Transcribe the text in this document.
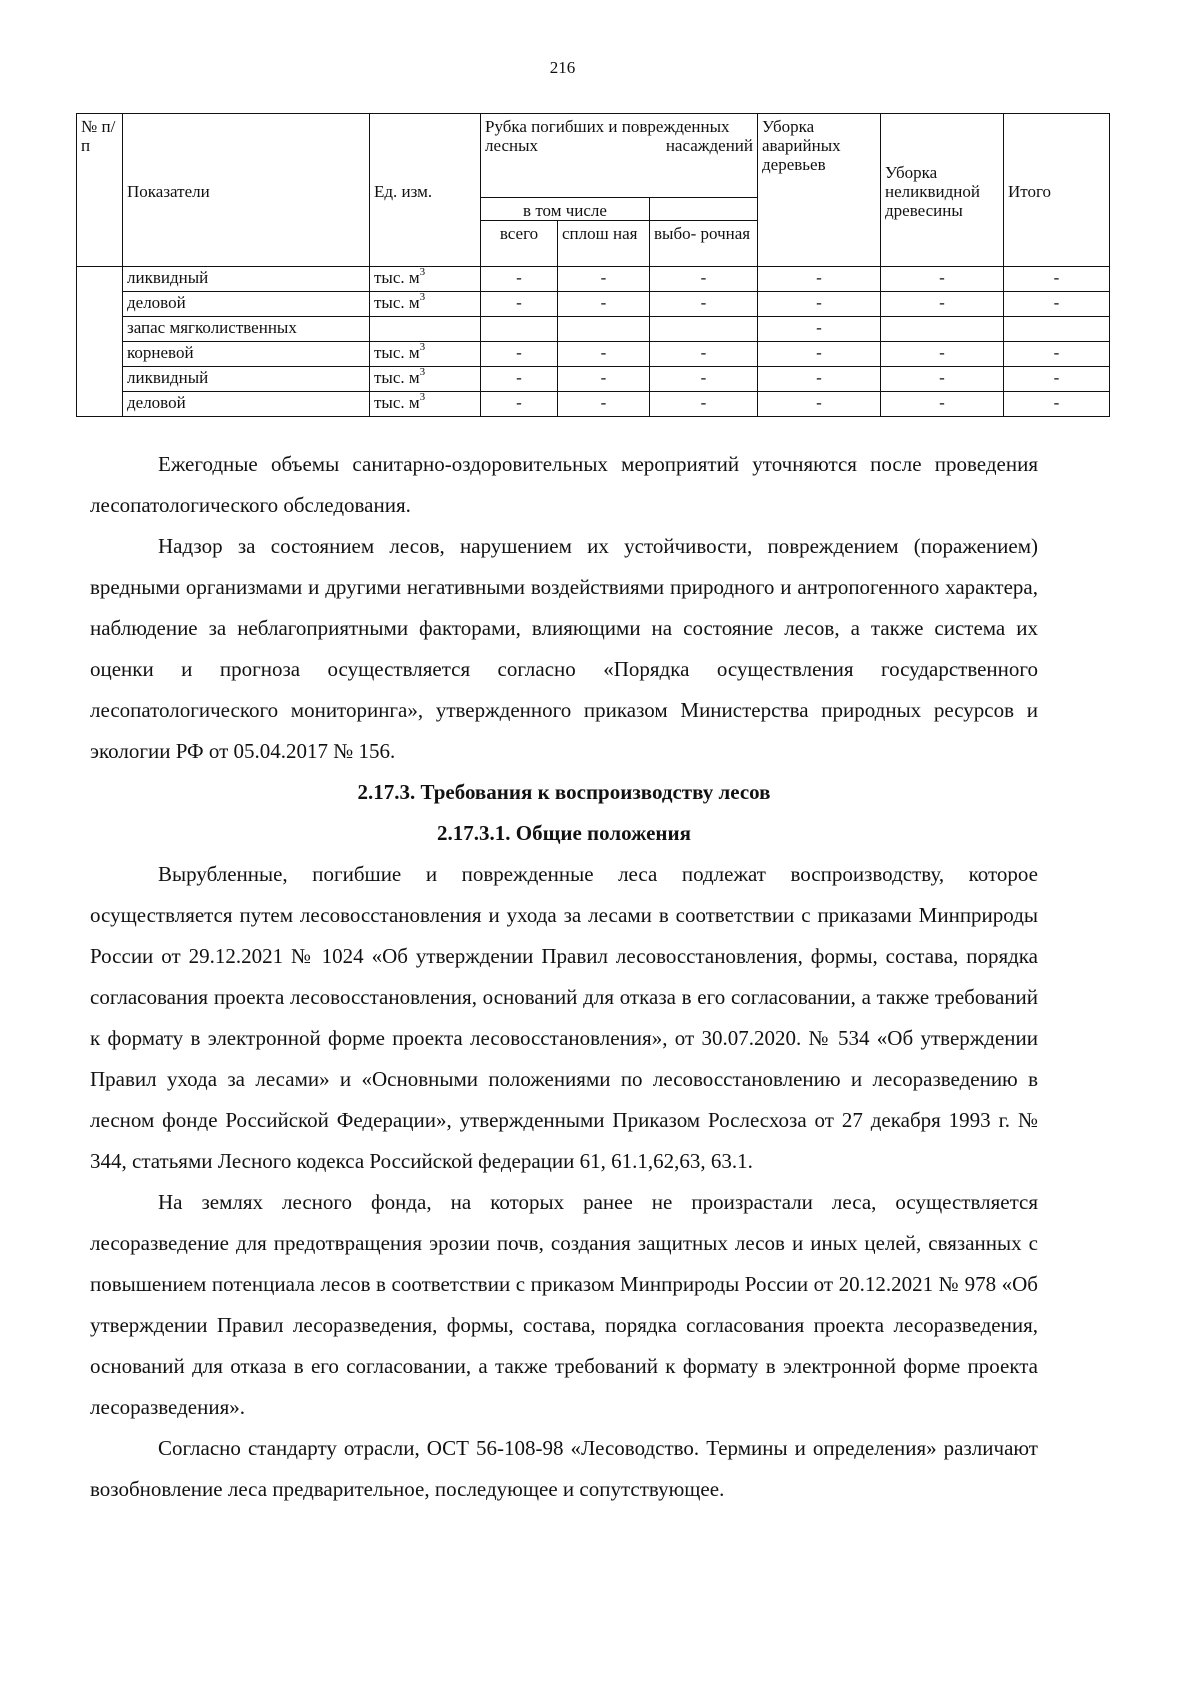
216
№ п/ п	Показатели	Ед. изм.	Рубка погибших и поврежденных лесных насаждений			Уборка аварийных деревьев	Уборка неликвидной древесины	Итого
			в том числе					
			всего	сплош ная	выбо- рочная			
	ликвидный	тыс. $м^3$	-	-	-	-	-	-
	деловой	тыс. $м^3$	-	-	-	-	-	-
	запас мягколиственных					-		
	корневой	тыс. $м^3$	-	-	-	-	-	-
	ликвидный	тыс. $м^3$	-	-	-	-	-	-
	деловой	тыс. $м^3$	-	-	-	-	-	-

Ежегодные объемы санитарно-оздоровительных мероприятий уточняются после проведения лесопатологического обследования.

Надзор за состоянием лесов, нарушением их устойчивости, повреждением (поражением) вредными организмами и другими негативными воздействиями природного и антропогенного характера, наблюдение за неблагоприятными факторами, влияющими на состояние лесов, а также система их оценки и прогноза осуществляется согласно «Порядка осуществления государственного лесопатологического мониторинга», утвержденного приказом Министерства природных ресурсов и экологии РФ от 05.04.2017 № 156.

2.17.3. Требования к воспроизводству лесов
2.17.3.1. Общие положения

Вырубленные, погибшие и поврежденные леса подлежат воспроизводству, которое осуществляется путем лесовосстановления и ухода за лесами в соответствии с приказами Минприроды России от 29.12.2021 № 1024 «Об утверждении Правил лесовосстановления, формы, состава, порядка согласования проекта лесовосстановления, оснований для отказа в его согласовании, а также требований к формату в электронной форме проекта лесовосстановления», от 30.07.2020. № 534 «Об утверждении Правил ухода за лесами» и «Основными положениями по лесовосстановлению и лесоразведению в лесном фонде Российской Федерации», утвержденными Приказом Рослесхоза от 27 декабря 1993 г. № 344, статьями Лесного кодекса Российской федерации 61, 61.1,62,63, 63.1.

На землях лесного фонда, на которых ранее не произрастали леса, осуществляется лесоразведение для предотвращения эрозии почв, создания защитных лесов и иных целей, связанных с повышением потенциала лесов в соответствии с приказом Минприроды России от 20.12.2021 № 978 «Об утверждении Правил лесоразведения, формы, состава, порядка согласования проекта лесоразведения, оснований для отказа в его согласовании, а также требований к формату в электронной форме проекта лесоразведения».

Согласно стандарту отрасли, ОСТ 56-108-98 «Лесоводство. Термины и определения» различают возобновление леса предварительное, последующее и сопутствующее.
